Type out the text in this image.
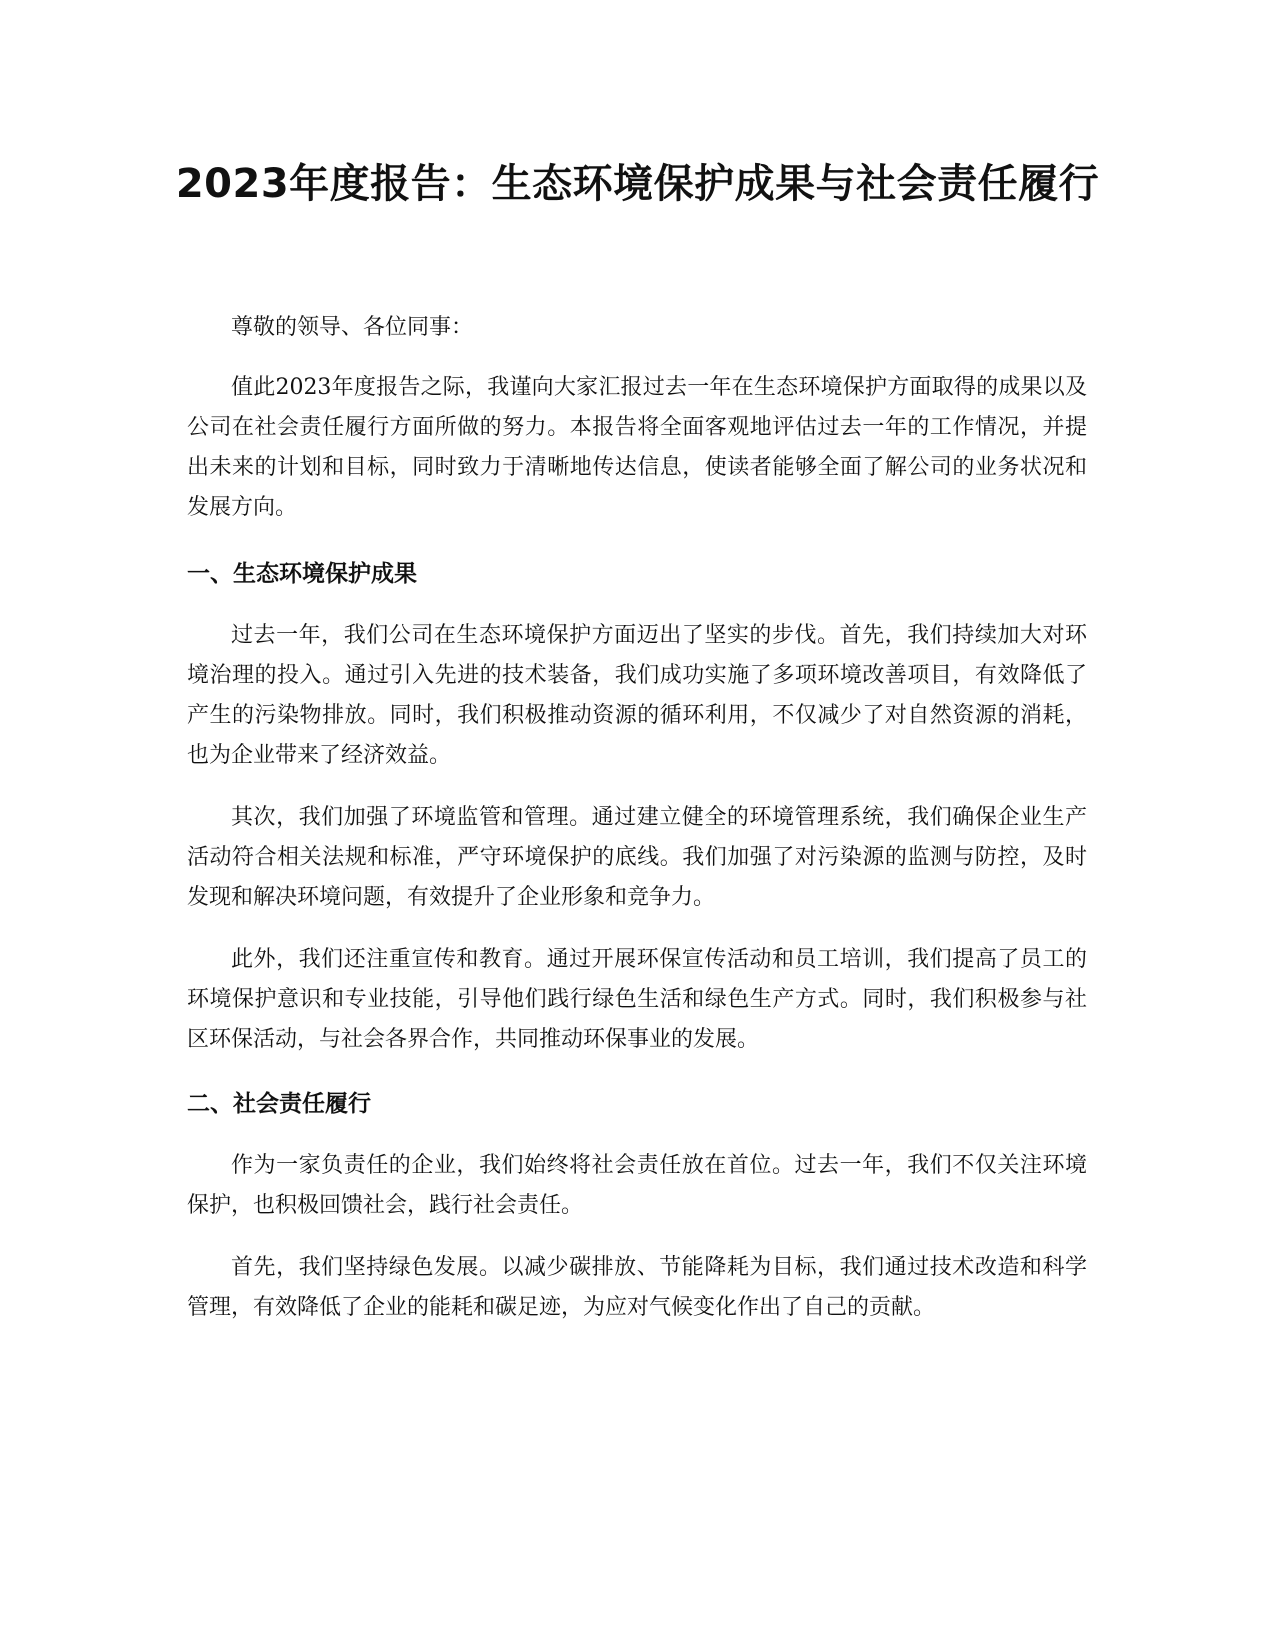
2023年度报告：生态环境保护成果与社会责任履行

尊敬的领导、各位同事：

值此2023年度报告之际，我谨向大家汇报过去一年在生态环境保护方面取得的成果以及公司在社会责任履行方面所做的努力。本报告将全面客观地评估过去一年的工作情况，并提出未来的计划和目标，同时致力于清晰地传达信息，使读者能够全面了解公司的业务状况和发展方向。

一、生态环境保护成果

过去一年，我们公司在生态环境保护方面迈出了坚实的步伐。首先，我们持续加大对环境治理的投入。通过引入先进的技术装备，我们成功实施了多项环境改善项目，有效降低了产生的污染物排放。同时，我们积极推动资源的循环利用，不仅减少了对自然资源的消耗，也为企业带来了经济效益。

其次，我们加强了环境监管和管理。通过建立健全的环境管理系统，我们确保企业生产活动符合相关法规和标准，严守环境保护的底线。我们加强了对污染源的监测与防控，及时发现和解决环境问题，有效提升了企业形象和竞争力。

此外，我们还注重宣传和教育。通过开展环保宣传活动和员工培训，我们提高了员工的环境保护意识和专业技能，引导他们践行绿色生活和绿色生产方式。同时，我们积极参与社区环保活动，与社会各界合作，共同推动环保事业的发展。

二、社会责任履行

作为一家负责任的企业，我们始终将社会责任放在首位。过去一年，我们不仅关注环境保护，也积极回馈社会，践行社会责任。

首先，我们坚持绿色发展。以减少碳排放、节能降耗为目标，我们通过技术改造和科学管理，有效降低了企业的能耗和碳足迹，为应对气候变化作出了自己的贡献。
